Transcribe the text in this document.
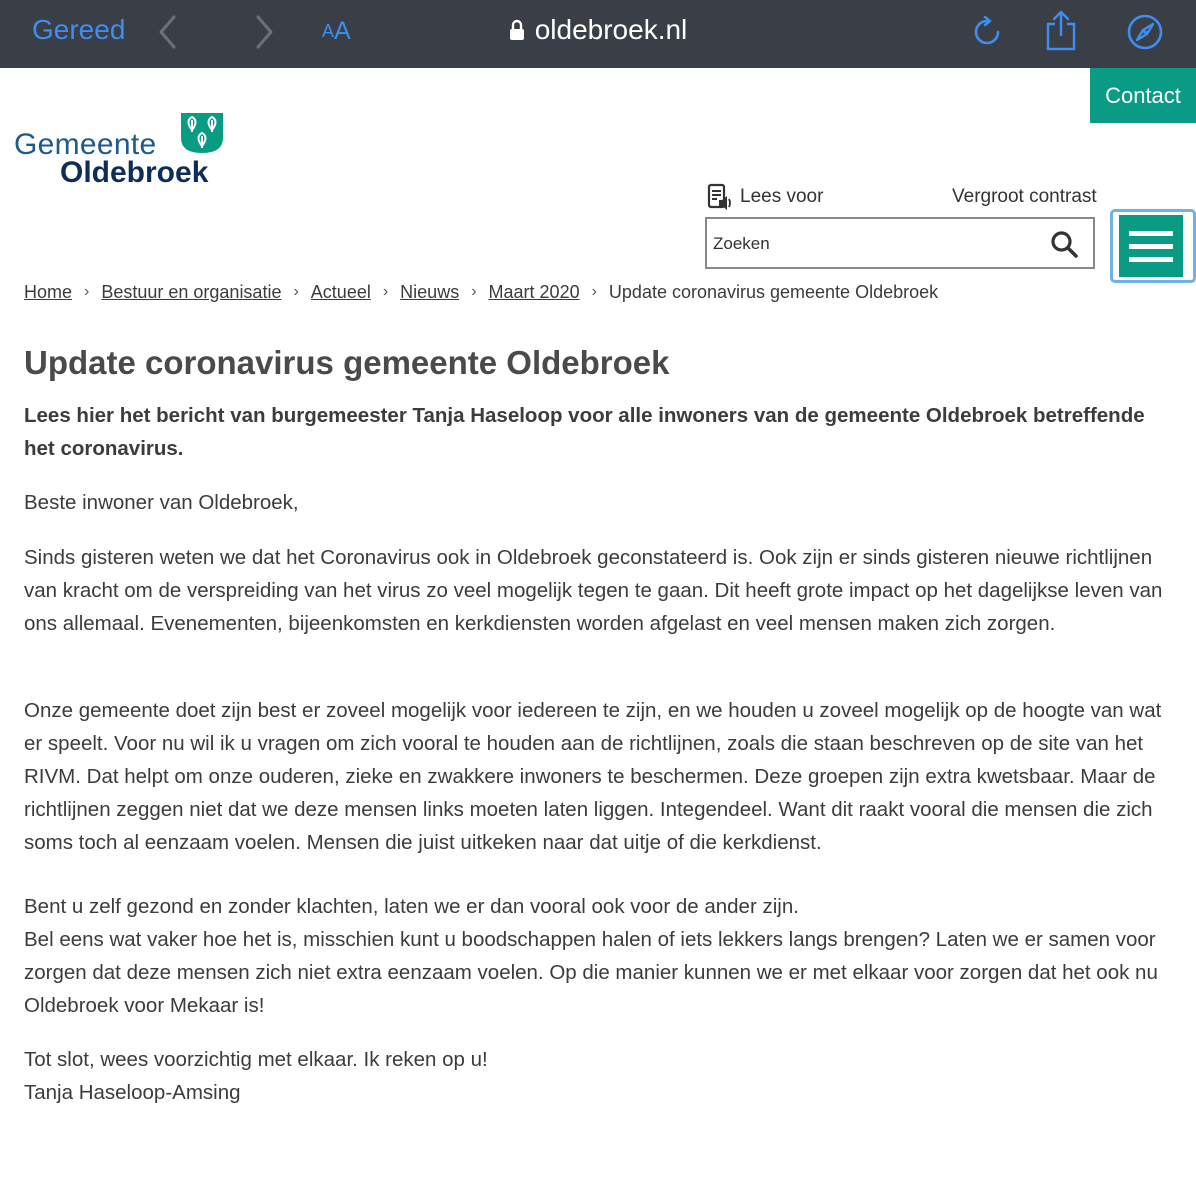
Gereed	A A	oldebroek.nl
Contact
Gemeente
Oldebroek
Lees voor	Vergroot contrast
Zoeken
Home › Bestuur en organisatie › Actueel › Nieuws › Maart 2020 › Update coronavirus gemeente Oldebroek
Update coronavirus gemeente Oldebroek

Lees hier het bericht van burgemeester Tanja Haseloop voor alle inwoners van de gemeente Oldebroek betreffende het coronavirus.

Beste inwoner van Oldebroek,

Sinds gisteren weten we dat het Coronavirus ook in Oldebroek geconstateerd is. Ook zijn er sinds gisteren nieuwe richtlijnen van kracht om de verspreiding van het virus zo veel mogelijk tegen te gaan. Dit heeft grote impact op het dagelijkse leven van ons allemaal. Evenementen, bijeenkomsten en kerkdiensten worden afgelast en veel mensen maken zich zorgen.

Onze gemeente doet zijn best er zoveel mogelijk voor iedereen te zijn, en we houden u zoveel mogelijk op de hoogte van wat er speelt. Voor nu wil ik u vragen om zich vooral te houden aan de richtlijnen, zoals die staan beschreven op de site van het RIVM. Dat helpt om onze ouderen, zieke en zwakkere inwoners te beschermen. Deze groepen zijn extra kwetsbaar. Maar de richtlijnen zeggen niet dat we deze mensen links moeten laten liggen. Integendeel. Want dit raakt vooral die mensen die zich soms toch al eenzaam voelen. Mensen die juist uitkeken naar dat uitje of die kerkdienst.

Bent u zelf gezond en zonder klachten, laten we er dan vooral ook voor de ander zijn.

Bel eens wat vaker hoe het is, misschien kunt u boodschappen halen of iets lekkers langs brengen? Laten we er samen voor zorgen dat deze mensen zich niet extra eenzaam voelen. Op die manier kunnen we er met elkaar voor zorgen dat het ook nu Oldebroek voor Mekaar is!

Tot slot, wees voorzichtig met elkaar. Ik reken op u!

Tanja Haseloop-Amsing
